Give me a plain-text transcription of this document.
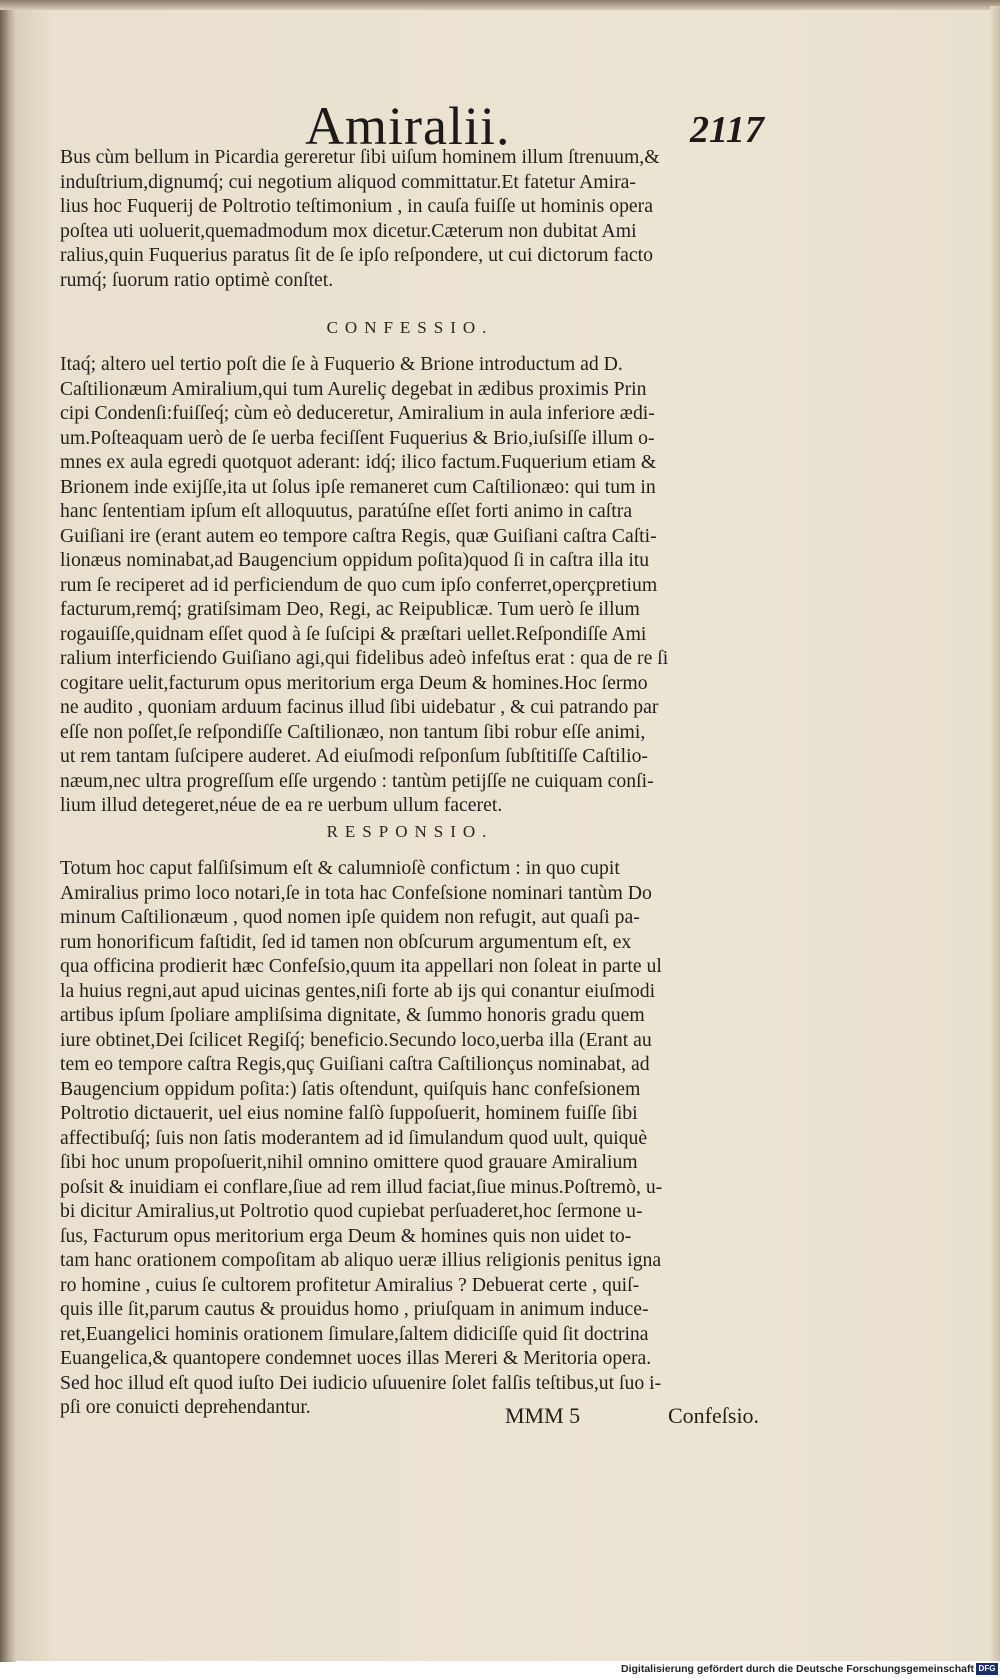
Amiralii.	2117

Bus cùm bellum in Picardia gereretur ſibi uiſum hominem illum ſtrenuum,&

induſtrium,dignumq́; cui negotium aliquod committatur.Et fatetur Amira-

lius hoc Fuquerij de Poltrotio teſtimonium , in cauſa fuiſſe ut hominis opera

poſtea uti uoluerit,quemadmodum mox dicetur.Cæterum non dubitat Ami

ralius,quin Fuquerius paratus ſit de ſe ipſo reſpondere, ut cui dictorum facto

rumq́; ſuorum ratio optimè conſtet.

CONFESSIO.

Itaq́; altero uel tertio poſt die ſe à Fuquerio & Brione introductum ad D.

Caſtilionæum Amiralium,qui tum Aureliç degebat in ædibus proximis Prin

cipi Condenſi:fuiſſeq́; cùm eò deduceretur, Amiralium in aula inferiore ædi-

um.Poſteaquam uerò de ſe uerba feciſſent Fuquerius & Brio,iuſsiſſe illum o-

mnes ex aula egredi quotquot aderant: idq́; ilico factum.Fuquerium etiam &

Brionem inde exijſſe,ita ut ſolus ipſe remaneret cum Caſtilionæo: qui tum in

hanc ſententiam ipſum eſt alloquutus, paratúſne eſſet forti animo in caſtra

Guiſiani ire (erant autem eo tempore caſtra Regis, quæ Guiſiani caſtra Caſti-

lionæus nominabat,ad Baugencium oppidum poſita)quod ſi in caſtra illa itu

rum ſe reciperet ad id perficiendum de quo cum ipſo conferret,operçpretium

facturum,remq́; gratiſsimam Deo, Regi, ac Reipublicæ. Tum uerò ſe illum

rogauiſſe,quidnam eſſet quod à ſe ſuſcipi & præſtari uellet.Reſpondiſſe Ami

ralium interficiendo Guiſiano agi,qui fidelibus adeò infeſtus erat : qua de re ſi

cogitare uelit,facturum opus meritorium erga Deum & homines.Hoc ſermo

ne audito , quoniam arduum facinus illud ſibi uidebatur , & cui patrando par

eſſe non poſſet,ſe reſpondiſſe Caſtilionæo, non tantum ſibi robur eſſe animi,

ut rem tantam ſuſcipere auderet. Ad eiuſmodi reſponſum ſubſtitiſſe Caſtilio-

næum,nec ultra progreſſum eſſe urgendo : tantùm petijſſe ne cuiquam conſi-

lium illud detegeret,néue de ea re uerbum ullum faceret.

RESPONSIO.

Totum hoc caput falſiſsimum eſt & calumnioſè confictum : in quo cupit

Amiralius primo loco notari,ſe in tota hac Confeſsione nominari tantùm Do

minum Caſtilionæum , quod nomen ipſe quidem non refugit, aut quaſi pa-

rum honorificum faſtidit, ſed id tamen non obſcurum argumentum eſt, ex

qua officina prodierit hæc Confeſsio,quum ita appellari non ſoleat in parte ul

la huius regni,aut apud uicinas gentes,niſi forte ab ijs qui conantur eiuſmodi

artibus ipſum ſpoliare ampliſsima dignitate, & ſummo honoris gradu quem

iure obtinet,Dei ſcilicet Regiſq́; beneficio.Secundo loco,uerba illa (Erant au

tem eo tempore caſtra Regis,quç Guiſiani caſtra Caſtilionçus nominabat, ad

Baugencium oppidum poſita:) ſatis oſtendunt, quiſquis hanc confeſsionem

Poltrotio dictauerit, uel eius nomine falſò ſuppoſuerit, hominem fuiſſe ſibi

affectibuſq́; ſuis non ſatis moderantem ad id ſimulandum quod uult, quiquè

ſibi hoc unum propoſuerit,nihil omnino omittere quod grauare Amiralium

poſsit & inuidiam ei conflare,ſiue ad rem illud faciat,ſiue minus.Poſtremò, u-

bi dicitur Amiralius,ut Poltrotio quod cupiebat perſuaderet,hoc ſermone u-

ſus, Facturum opus meritorium erga Deum & homines quis non uidet to-

tam hanc orationem compoſitam ab aliquo ueræ illius religionis penitus igna

ro homine , cuius ſe cultorem profitetur Amiralius ? Debuerat certe , quiſ-

quis ille ſit,parum cautus & prouidus homo , priuſquam in animum induce-

ret,Euangelici hominis orationem ſimulare,ſaltem didiciſſe quid ſit doctrina

Euangelica,& quantopere condemnet uoces illas Mereri & Meritoria opera.

Sed hoc illud eſt quod iuſto Dei iudicio uſuuenire ſolet falſis teſtibus,ut ſuo i-

pſi ore conuicti deprehendantur.	MMM 5	Confeſsio.
Digitalisierung gefördert durch die Deutsche Forschungsgemeinschaft DFG
